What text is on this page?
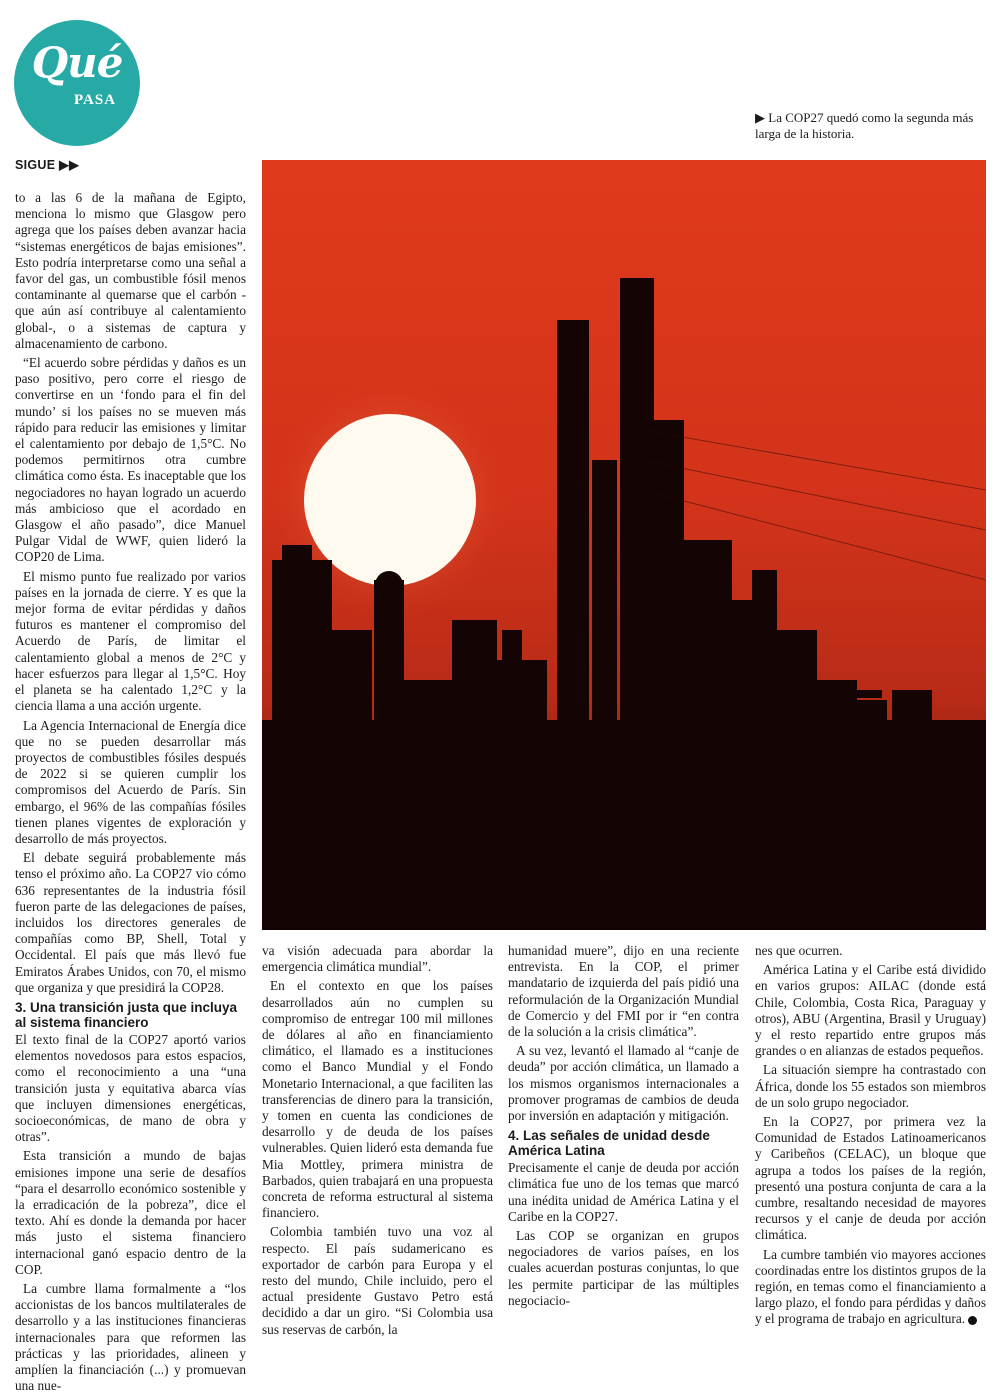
Qué
PASA
SIGUE ▶▶
▶ La COP27 quedó como la segunda más larga de la historia.

to a las 6 de la mañana de Egipto, menciona lo mismo que Glasgow pero agrega que los países deben avanzar hacia “sistemas energéticos de bajas emisiones”. Esto podría interpretarse como una señal a favor del gas, un combustible fósil menos contaminante al quemarse que el carbón -que aún así contribuye al calentamiento global-, o a sistemas de captura y almacenamiento de carbono.

“El acuerdo sobre pérdidas y daños es un paso positivo, pero corre el riesgo de convertirse en un ‘fondo para el fin del mundo’ si los países no se mueven más rápido para reducir las emisiones y limitar el calentamiento por debajo de 1,5°C. No podemos permitirnos otra cumbre climática como ésta. Es inaceptable que los negociadores no hayan logrado un acuerdo más ambicioso que el acordado en Glasgow el año pasado”, dice Manuel Pulgar Vidal de WWF, quien lideró la COP20 de Lima.

El mismo punto fue realizado por varios países en la jornada de cierre. Y es que la mejor forma de evitar pérdidas y daños futuros es mantener el compromiso del Acuerdo de París, de limitar el calentamiento global a menos de 2°C y hacer esfuerzos para llegar al 1,5°C. Hoy el planeta se ha calentado 1,2°C y la ciencia llama a una acción urgente.

La Agencia Internacional de Energía dice que no se pueden desarrollar más proyectos de combustibles fósiles después de 2022 si se quieren cumplir los compromisos del Acuerdo de París. Sin embargo, el 96% de las compañías fósiles tienen planes vigentes de exploración y desarrollo de más proyectos.

El debate seguirá probablemente más tenso el próximo año. La COP27 vio cómo 636 representantes de la industria fósil fueron parte de las delegaciones de países, incluidos los directores generales de compañías como BP, Shell, Total y Occidental. El país que más llevó fue Emiratos Árabes Unidos, con 70, el mismo que organiza y que presidirá la COP28.

3. Una transición justa que incluya al sistema financiero

El texto final de la COP27 aportó varios elementos novedosos para estos espacios, como el reconocimiento a una “una transición justa y equitativa abarca vías que incluyen dimensiones energéticas, socioeconómicas, de mano de obra y otras”.

Esta transición a mundo de bajas emisiones impone una serie de desafíos “para el desarrollo económico sostenible y la erradicación de la pobreza”, dice el texto. Ahí es donde la demanda por hacer más justo el sistema financiero internacional ganó espacio dentro de la COP.

La cumbre llama formalmente a “los accionistas de los bancos multilaterales de desarrollo y a las instituciones financieras internacionales para que reformen las prácticas y las prioridades, alineen y amplíen la financiación (...) y promuevan una nue-

va visión adecuada para abordar la emergencia climática mundial”.

En el contexto en que los países desarrollados aún no cumplen su compromiso de entregar 100 mil millones de dólares al año en financiamiento climático, el llamado es a instituciones como el Banco Mundial y el Fondo Monetario Internacional, a que faciliten las transferencias de dinero para la transición, y tomen en cuenta las condiciones de desarrollo y de deuda de los países vulnerables. Quien lideró esta demanda fue Mia Mottley, primera ministra de Barbados, quien trabajará en una propuesta concreta de reforma estructural al sistema financiero.

Colombia también tuvo una voz al respecto. El país sudamericano es exportador de carbón para Europa y el resto del mundo, Chile incluido, pero el actual presidente Gustavo Petro está decidido a dar un giro. “Si Colombia usa sus reservas de carbón, la

humanidad muere”, dijo en una reciente entrevista. En la COP, el primer mandatario de izquierda del país pidió una reformulación de la Organización Mundial de Comercio y del FMI por ir “en contra de la solución a la crisis climática”.

A su vez, levantó el llamado al “canje de deuda” por acción climática, un llamado a los mismos organismos internacionales a promover programas de cambios de deuda por inversión en adaptación y mitigación.

4. Las señales de unidad desde América Latina

Precisamente el canje de deuda por acción climática fue uno de los temas que marcó una inédita unidad de América Latina y el Caribe en la COP27.

Las COP se organizan en grupos negociadores de varios países, en los cuales acuerdan posturas conjuntas, lo que les permite participar de las múltiples negociacio-

nes que ocurren.

América Latina y el Caribe está dividido en varios grupos: AILAC (donde está Chile, Colombia, Costa Rica, Paraguay y otros), ABU (Argentina, Brasil y Uruguay) y el resto repartido entre grupos más grandes o en alianzas de estados pequeños.

La situación siempre ha contrastado con África, donde los 55 estados son miembros de un solo grupo negociador.

En la COP27, por primera vez la Comunidad de Estados Latinoamericanos y Caribeños (CELAC), un bloque que agrupa a todos los países de la región, presentó una postura conjunta de cara a la cumbre, resaltando necesidad de mayores recursos y el canje de deuda por acción climática.

La cumbre también vio mayores acciones coordinadas entre los distintos grupos de la región, en temas como el financiamiento a largo plazo, el fondo para pérdidas y daños y el programa de trabajo en agricultura.
